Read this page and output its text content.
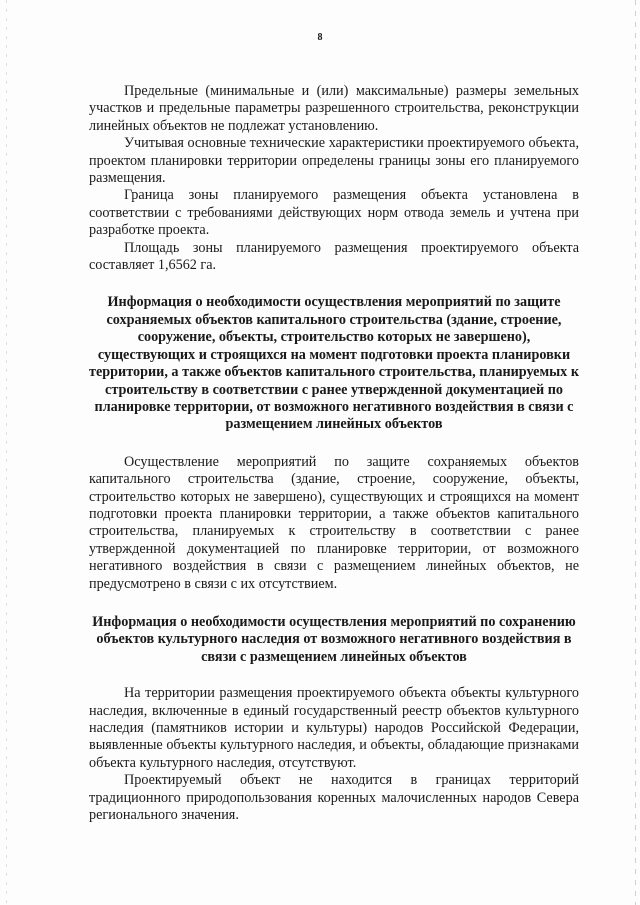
8

Предельные (минимальные и (или) максимальные) размеры земельных участков и предельные параметры разрешенного строительства, реконструкции линейных объектов не подлежат установлению.

Учитывая основные технические характеристики проектируемого объекта, проектом планировки территории определены границы зоны его планируемого размещения.

Граница зоны планируемого размещения объекта установлена в соответствии с требованиями действующих норм отвода земель и учтена при разработке проекта.

Площадь зоны планируемого размещения проектируемого объекта составляет 1,6562 га.

Информация о необходимости осуществления мероприятий по защите сохраняемых объектов капитального строительства (здание, строение, сооружение, объекты, строительство которых не завершено), существующих и строящихся на момент подготовки проекта планировки территории, а также объектов капитального строительства, планируемых к строительству в соответствии с ранее утвержденной документацией по планировке территории, от возможного негативного воздействия в связи с размещением линейных объектов

Осуществление мероприятий по защите сохраняемых объектов капитального строительства (здание, строение, сооружение, объекты, строительство которых не завершено), существующих и строящихся на момент подготовки проекта планировки территории, а также объектов капитального строительства, планируемых к строительству в соответствии с ранее утвержденной документацией по планировке территории, от возможного негативного воздействия в связи с размещением линейных объектов, не предусмотрено в связи с их отсутствием.

Информация о необходимости осуществления мероприятий по сохранению объектов культурного наследия от возможного негативного воздействия в связи с размещением линейных объектов

На территории размещения проектируемого объекта объекты культурного наследия, включенные в единый государственный реестр объектов культурного наследия (памятников истории и культуры) народов Российской Федерации, выявленные объекты культурного наследия, и объекты, обладающие признаками объекта культурного наследия, отсутствуют.

Проектируемый объект не находится в границах территорий традиционного природопользования коренных малочисленных народов Севера регионального значения.
